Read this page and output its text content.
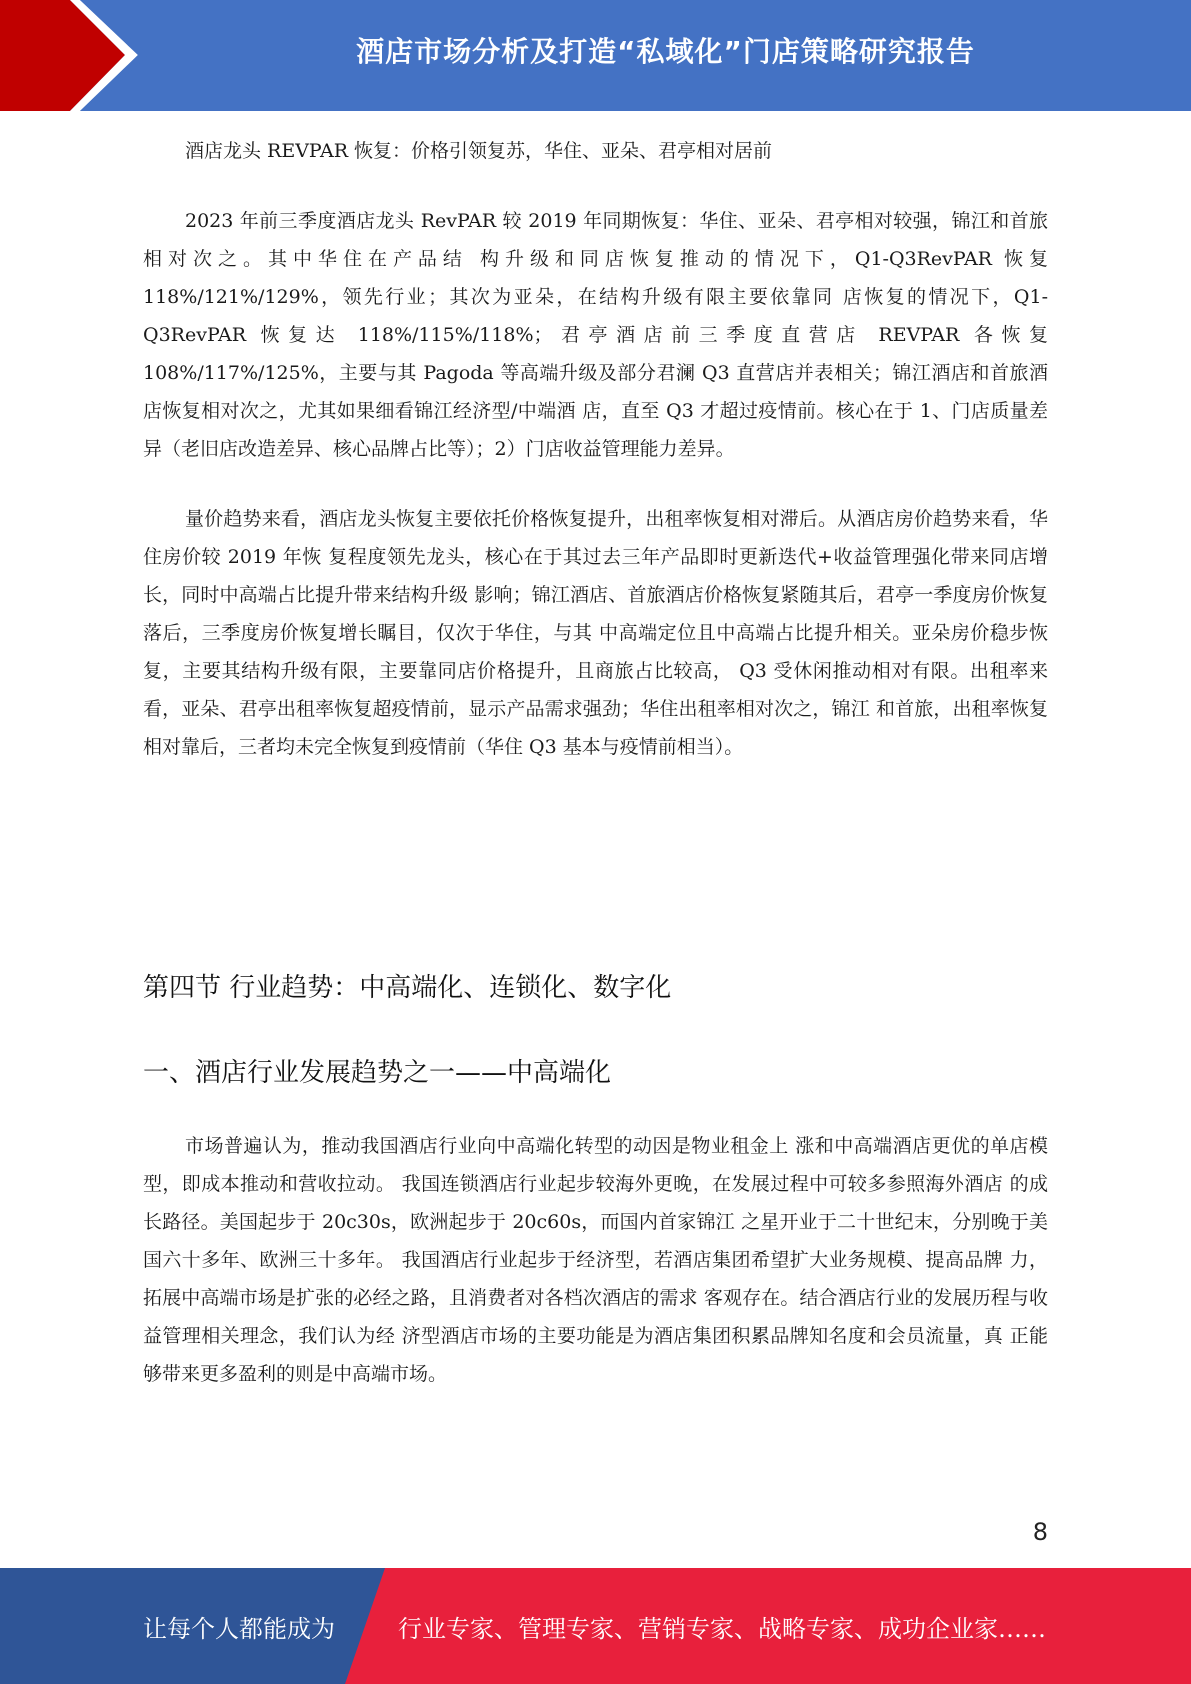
酒店市场分析及打造“私域化”门店策略研究报告

酒店龙头 REVPAR 恢复：价格引领复苏，华住、亚朵、君亭相对居前

2023 年前三季度酒店龙头 RevPAR 较 2019 年同期恢复：华住、亚朵、君亭相对较强，锦江和首旅相对次之。其中华住在产品结 构升级和同店恢复推动的情况下，Q1-Q3RevPAR 恢复 118%/121%/129%，领先行业；其次为亚朵，在结构升级有限主要依靠同 店恢复的情况下，Q1-Q3RevPAR 恢复达 118%/115%/118%；君亭酒店前三季度直营店 REVPAR 各恢复 108%/117%/125%，主要与其 Pagoda 等高端升级及部分君澜 Q3 直营店并表相关；锦江酒店和首旅酒店恢复相对次之，尤其如果细看锦江经济型/中端酒 店，直至 Q3 才超过疫情前。核心在于 1、门店质量差异（老旧店改造差异、核心品牌占比等）；2）门店收益管理能力差异。

量价趋势来看，酒店龙头恢复主要依托价格恢复提升，出租率恢复相对滞后。从酒店房价趋势来看，华住房价较 2019 年恢 复程度领先龙头，核心在于其过去三年产品即时更新迭代+收益管理强化带来同店增长，同时中高端占比提升带来结构升级 影响；锦江酒店、首旅酒店价格恢复紧随其后，君亭一季度房价恢复落后，三季度房价恢复增长瞩目，仅次于华住，与其 中高端定位且中高端占比提升相关。亚朵房价稳步恢复，主要其结构升级有限，主要靠同店价格提升，且商旅占比较高， Q3 受休闲推动相对有限。出租率来看，亚朵、君亭出租率恢复超疫情前，显示产品需求强劲；华住出租率相对次之，锦江 和首旅，出租率恢复相对靠后，三者均未完全恢复到疫情前（华住 Q3 基本与疫情前相当）。

第四节 行业趋势：中高端化、连锁化、数字化
一、酒店行业发展趋势之一——中高端化

市场普遍认为，推动我国酒店行业向中高端化转型的动因是物业租金上 涨和中高端酒店更优的单店模型，即成本推动和营收拉动。 我国连锁酒店行业起步较海外更晚，在发展过程中可较多参照海外酒店 的成长路径。美国起步于 20c30s，欧洲起步于 20c60s，而国内首家锦江 之星开业于二十世纪末，分别晚于美国六十多年、欧洲三十多年。 我国酒店行业起步于经济型，若酒店集团希望扩大业务规模、提高品牌 力，拓展中高端市场是扩张的必经之路，且消费者对各档次酒店的需求 客观存在。结合酒店行业的发展历程与收益管理相关理念，我们认为经 济型酒店市场的主要功能是为酒店集团积累品牌知名度和会员流量，真 正能够带来更多盈利的则是中高端市场。

8
让每个人都能成为	行业专家、管理专家、营销专家、战略专家、成功企业家……
